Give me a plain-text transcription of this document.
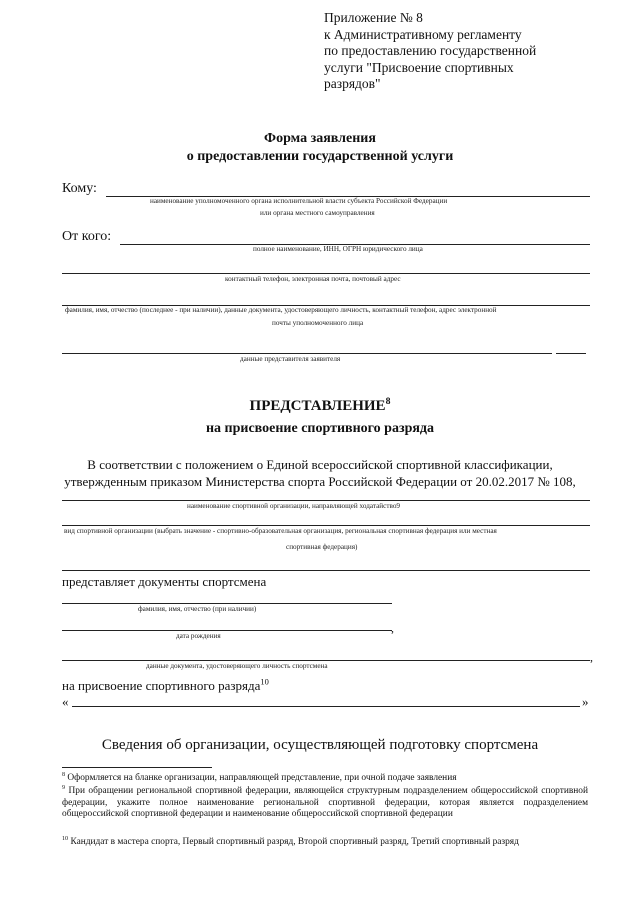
Приложение № 8
к Административному регламенту
по предоставлению государственной
услуги "Присвоение спортивных
разрядов"
Форма заявления
о предоставлении государственной услуги
Кому:
наименование уполномоченного органа исполнительной власти субъекта Российской Федерации
или органа местного самоуправления
От кого:
полное наименование, ИНН, ОГРН юридического лица
контактный телефон, электронная почта, почтовый адрес
фамилия, имя, отчество (последнее - при наличии), данные документа, удостоверяющего личность, контактный телефон, адрес электронной
почты уполномоченного лица
данные представителя заявителя
ПРЕДСТАВЛЕНИЕ$^8$
на присвоение спортивного разряда
В соответствии с положением о Единой всероссийской спортивной классификации,
утвержденным приказом Министерства спорта Российской Федерации от 20.02.2017 № 108,
наименование спортивной организации, направляющей ходатайство9
вид спортивной организации (выбрать значение - спортивно-образовательная организация, региональная спортивная федерация или местная
спортивная федерация)
представляет документы спортсмена
фамилия, имя, отчество (при наличии)
,
дата рождения
,
данные документа, удостоверяющего личность спортсмена
на присвоение спортивного разряда$^{10}$
«	»
Сведения об организации, осуществляющей подготовку спортсмена
$^8$ Оформляется на бланке организации, направляющей представление, при очной подаче заявления
$^9$ При обращении региональной спортивной федерации, являющейся структурным подразделением общероссийской спортивной федерации, укажите полное наименование региональной спортивной федерации, которая является подразделением общероссийской спортивной федерации и наименование общероссийской спортивной федерации
$^{10}$ Кандидат в мастера спорта, Первый спортивный разряд, Второй спортивный разряд, Третий спортивный разряд
